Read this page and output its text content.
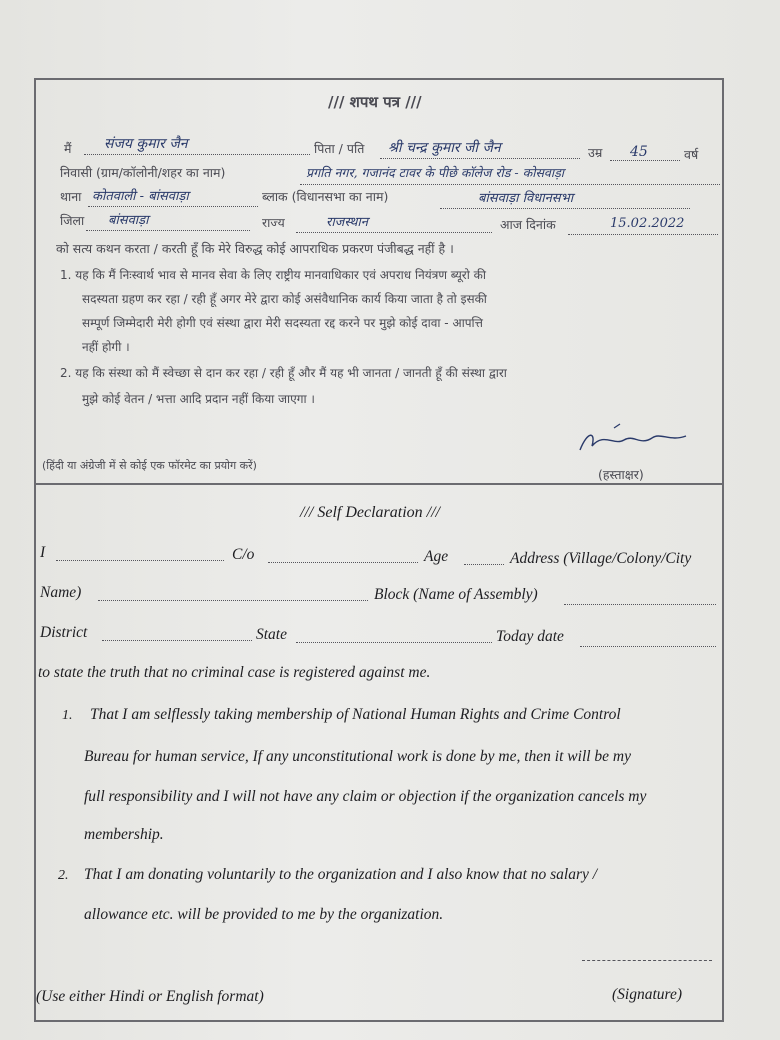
/// शपथ पत्र ///
मैं संजय कुमार जैन	पिता / पति श्री चन्द्र कुमार जी जैन	उम्र 45	वर्ष
निवासी (ग्राम/कॉलोनी/शहर का नाम)	प्रगति नगर, गजानंद टावर के पीछे कॉलेज रोड - कोसवाड़ा
थाना कोतवाली - बांसवाड़ा	ब्लाक (विधानसभा का नाम)	बांसवाड़ा विधानसभा
जिला बांसवाड़ा	राज्य	राजस्थान	आज दिनांक	15.02.2022
को सत्य कथन करता / करती हूँ कि मेरे विरुद्ध कोई आपराधिक प्रकरण पंजीबद्ध नहीं है ।
1. यह कि मैं निःस्वार्थ भाव से मानव सेवा के लिए राष्ट्रीय मानवाधिकार एवं अपराध नियंत्रण ब्यूरो की
सदस्यता ग्रहण कर रहा / रही हूँ अगर मेरे द्वारा कोई असंवैधानिक कार्य किया जाता है तो इसकी
सम्पूर्ण जिम्मेदारी मेरी होगी एवं संस्था द्वारा मेरी सदस्यता रद्द करने पर मुझे कोई दावा - आपत्ति
नहीं होगी ।
2. यह कि संस्था को मैं स्वेच्छा से दान कर रहा / रही हूँ और मैं यह भी जानता / जानती हूँ की संस्था द्वारा
मुझे कोई वेतन / भत्ता आदि प्रदान नहीं किया जाएगा ।
(हस्ताक्षर)
(हिंदी या अंग्रेजी में से कोई एक फॉरमेट का प्रयोग करें)
/// Self Declaration ///
I	C/o	Age	Address (Village/Colony/City
Name)	Block (Name of Assembly)
District	State	Today date
to state the truth that no criminal case is registered against me.
1. That I am selflessly taking membership of National Human Rights and Crime Control
Bureau for human service, If any unconstitutional work is done by me, then it will be my
full responsibility and I will not have any claim or objection if the organization cancels my
membership.
2. That I am donating voluntarily to the organization and I also know that no salary /
allowance etc. will be provided to me by the organization.
(Use either Hindi or English format)	(Signature)
